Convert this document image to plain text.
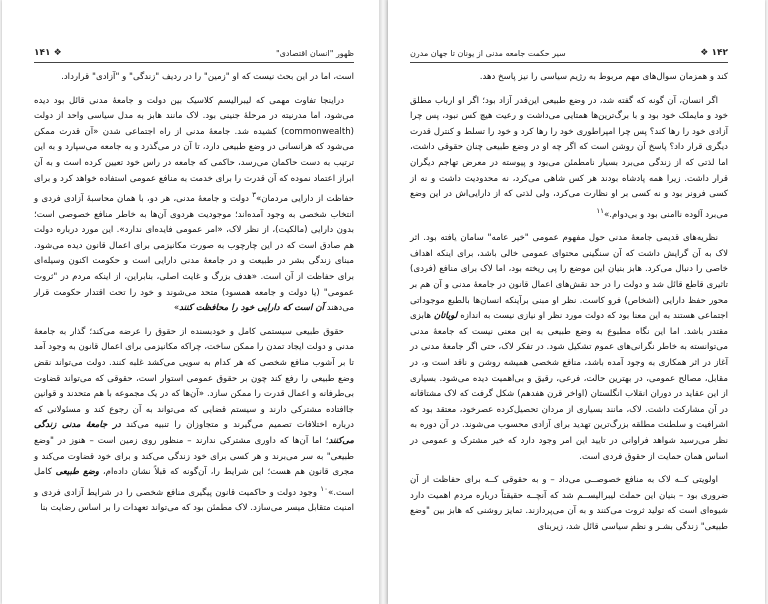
ظهور "انسان اقتصادی"
❖ ۱۴۱

است، اما در این بحث نیست که او "زمین" را در ردیف "زندگی" و "آزادی" قرارداد.

دراینجا تفاوت مهمی که لیبرالیسم کلاسیک بین دولت و جامعهٔ مدنی قائل بود دیده می‌شود، اما مدرنیته در مرحلهٔ جنینی بود. لاک مانند هابز به مدل سیاسی واحد از دولت (commonwealth) کشیده شد. جامعهٔ مدنی از راه اجتماعی شدن «آن قدرت ممکن می‌شود که هرانسانی در وضع طبیعی دارد، تا آن در می‌گذرد و به جامعه می‌سپارد و به این ترتیب به دست حاکمان می‌رسد، حاکمی که جامعه در راس خود تعیین کرده است و به آن ابراز اعتماد نموده که آن قدرت را برای خدمت به منافع عمومی استفاده خواهد کرد و برای حفاظت از دارایی مردمان»‏$^۳$ دولت و جامعهٔ مدنی، هر دو، با همان محاسبهٔ آزادی فردی و انتخاب شخصی به وجود آمده‌اند؛ موجودیت هردوی آن‌ها به خاطر منافع خصوصی است؛ بدون دارایی (مالکیت)، از نظر لاک، «امر عمومی فایده‌ای ندارد». این مورد درباره دولت هم صادق است که در این چارچوب به صورت مکانیزمی برای اعمال قانون دیده می‌شود. مبنای زندگی بشر در طبیعت و در جامعهٔ مدنی دارایی است و حکومت اکنون وسیله‌ای برای حفاظت از آن است. «هدف بزرگ و غایت اصلی، بنابراین، از اینکه مردم در "ثروت عمومی" (یا دولت و جامعه همسود) متحد می‌شوند و خود را تحت اقتدار حکومت قرار می‌دهند آن است که دارایی خود را محافظت کنند»

حقوق طبیعی سیستمی کامل و خودبسنده از حقوق را عرضه می‌کند؛ گذار به جامعهٔ مدنی و دولت ایجاد تمدن را ممکن ساخت، چراکه مکانیزمی برای اعمال قانون به وجود آمد تا بر آشوب منافع شخصی که هر کدام به سویی می‌کشد غلبه کنند. دولت می‌تواند نقض وضع طبیعی را رفع کند چون بر حقوق عمومی استوار است، حقوقی که می‌تواند قضاوت بی‌طرفانه و اعمال قدرت را ممکن سازد. «آن‌ها که در یک مجموعه با هم متحدند و قوانین جاافتاده مشترکی دارند و سیستم قضایی که می‌تواند به آن رجوع کند و مسئولانی که درباره اختلافات تصمیم می‌گیرند و متجاوزان را تنبیه می‌کند در جامعهٔ مدنی زندگی می‌کنند؛ اما آن‌ها که داوری مشترکی ندارند – منظور روی زمین است – هنوز در "وضع طبیعی" به سر می‌برند و هر کسی برای خود زندگی می‌کند و برای خود قضاوت می‌کند و مجری قانون هم هست؛ این شرایط را، آن‌گونه که قبلاً نشان داده‌ام، وضع طبیعی کامل است.»‏$^{۱۰}$ وجود دولت و حاکمیت قانون پیگیری منافع شخصی را در شرایط آزادی فردی و امنیت متقابل میسر می‌سازد. لاک مطمئن بود که می‌تواند تعهدات را بر اساس رضایت بنا

۱۴۲ ❖
سیر حکمت جامعه مدنی از یونان تا جهان مدرن

کند و همزمان سوال‌های مهم مربوط به رژیم سیاسی را نیز پاسخ دهد.

اگر انسان، آن گونه که گفته شد، در وضع طبیعی این‌قدر آزاد بود؛ اگر او ارباب مطلق خود و مایملک خود بود و با برگ‌ترین‌ها همتایی می‌داشت و رعیت هیچ کس نبود، پس چرا آزادی خود را رها کند؟ پس چرا امپراطوری خود را رها کرد و خود را تسلط و کنترل قدرت دیگری قرار داد؟ پاسخ آن روشن است که اگر چه او در وضع طبیعی چنان حقوقی داشت، اما لذتی که از زندگی می‌برد بسیار نامطمئن می‌بود و پیوسته در معرض تهاجم دیگران قرار داشت. زیرا همه پادشاه بودند هر کس شاهی می‌کرد، نه محدودیت داشت و نه از کسی فرونر بود و نه کسی بر او نظارت می‌کرد، ولی لذتی که از دارایی‌اش در این وضع می‌برد آلوده ناامنی بود و بی‌دوام.»‏$^{۱۱}$

نظریه‌های قدیمی جامعهٔ مدنی حول مفهوم عمومی "خیر عامه" سامان یافته بود. اثر لاک به آن گرایش داشت که آن سنگینی محتوای عمومی خالی باشد، برای اینکه اهداف خاصی را دنبال می‌کرد. هابز بنیان این موضع را پی ریخته بود، اما لاک برای منافع (فردی) تاثیری قاطع قائل شد و دولت را در حد نقش‌های اعمال قانون در جامعهٔ مدنی و آن هم بر محور حفظ دارایی (اشخاص) فرو کاست. نظر او مبنی برآینکه انسان‌ها بالطبع موجوداتی اجتماعی هستند به این معنا بود که دولت مورد نظر او نیازی نیست به اندازه لویاتان هابزی مقتدر باشد. اما این نگاه مطبوع به وضع طبیعی به این معنی نیست که جامعهٔ مدنی می‌توانسته به خاطر نگرانی‌های عموم تشکیل شود. در تفکر لاک، حتی اگر جامعهٔ مدنی در آغاز در اثر همکاری به وجود آمده باشد، منافع شخصی همیشه روشن و ناقد است و، در مقابل، مصالح عمومی، در بهترین حالت، فرعی، رقیق و بی‌اهمیت دیده می‌شود. بسیاری از این عقاید در دوران انقلاب انگلستان (اواخر قرن هفدهم) شکل گرفت که لاک مشتاقانه در آن مشارکت داشت. لاک، مانند بسیاری از مردان تحصیل‌کرده عصرخود، معتقد بود که اشرافیت و سلطنت مطلقه بزرگ‌ترین تهدید برای آزادی محسوب می‌شوند. در آن دوره به نظر می‌رسید شواهد فراوانی در تایید این امر وجود دارد که خیر مشترک و عمومی در اساس همان حمایت از حقوق فردی است.

اولویتی کــه لاک به منافع خصوصــی می‌داد – و به حقوقی کــه برای حفاظت از آن ضروری بود – بنیان این حملت لیبرالیســم شد که آنچــه حقیقتاً درباره مردم اهمیت دارد شیوه‌ای است که تولید ثروت می‌کنند و به آن می‌پردازند. تمایز روشنی که هابز بین "وضع طبیعی" زندگی بشـر و نظم سیاسی قائل شد، زیربنای
